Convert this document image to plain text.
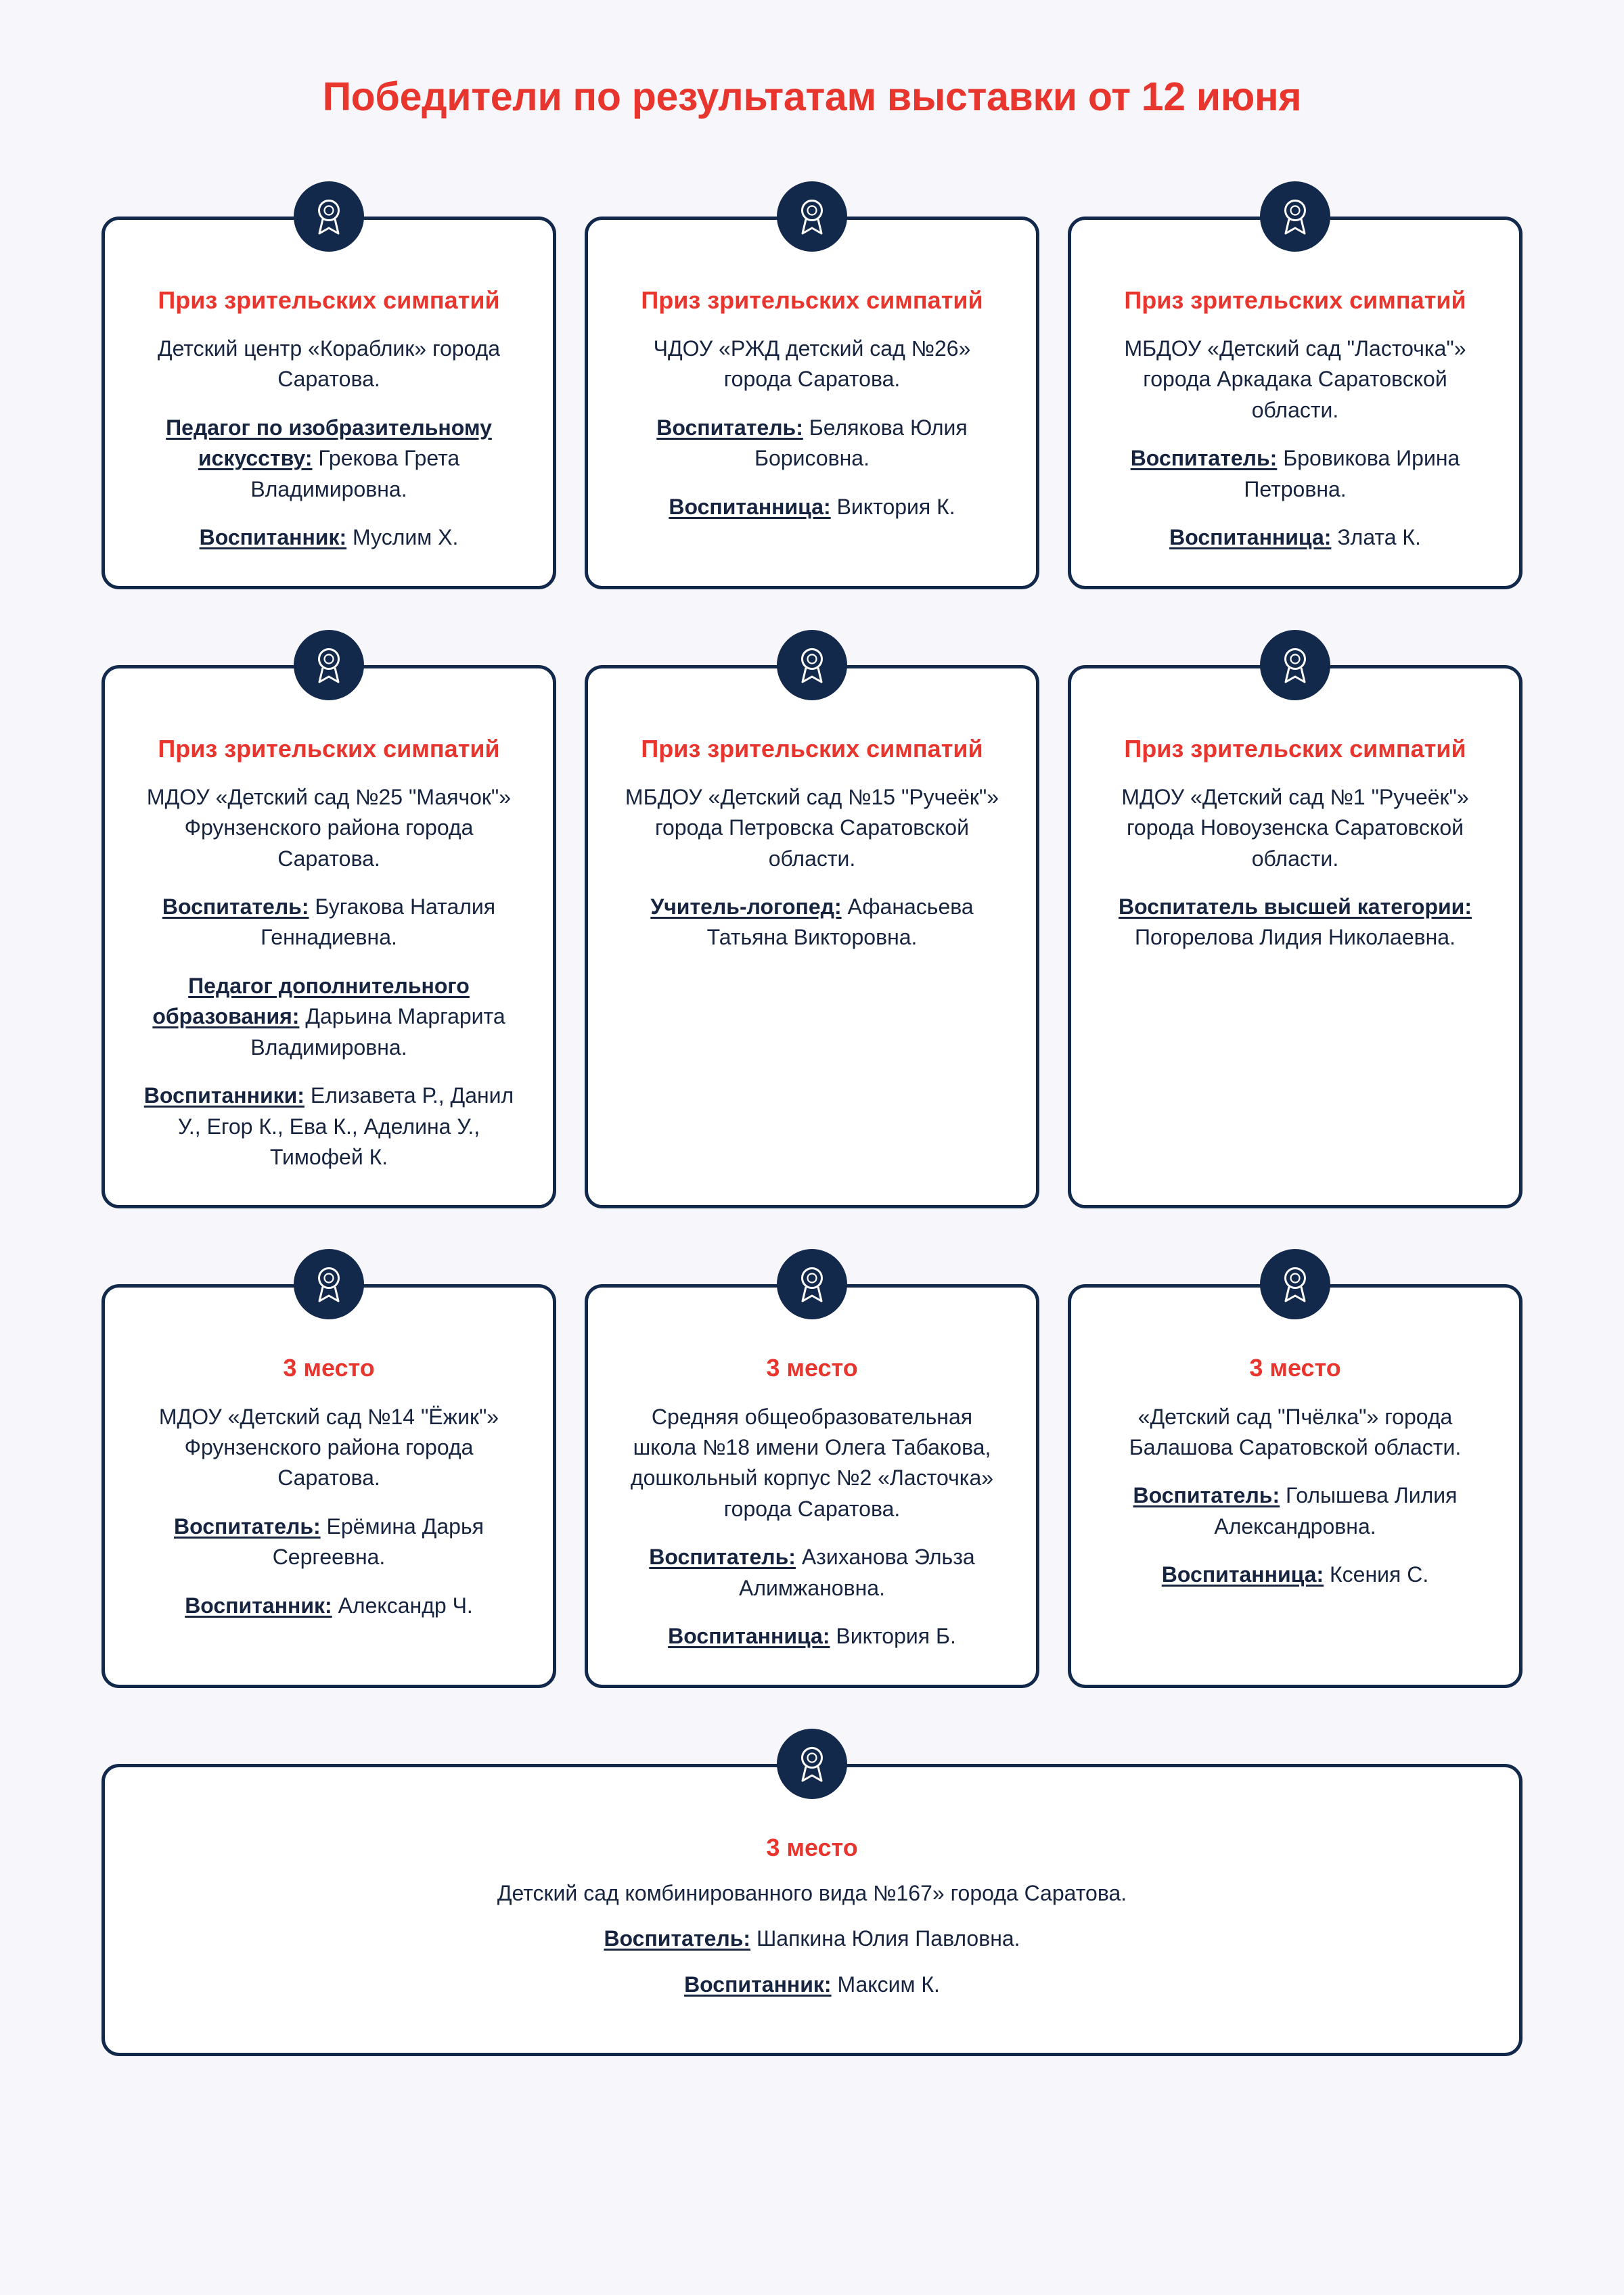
Победители по результатам выставки от 12 июня
Приз зрительских симпатий
Детский центр «Кораблик» города Саратова.
Педагог по изобразительному искусству: Грекова Грета Владимировна.
Воспитанник: Муслим Х.
Приз зрительских симпатий
ЧДОУ «РЖД детский сад №26» города Саратова.
Воспитатель: Белякова Юлия Борисовна.
Воспитанница: Виктория К.
Приз зрительских симпатий
МБДОУ «Детский сад "Ласточка"» города Аркадака Саратовской области.
Воспитатель: Бровикова Ирина Петровна.
Воспитанница: Злата К.
Приз зрительских симпатий
МДОУ «Детский сад №25 "Маячок"» Фрунзенского района города Саратова.
Воспитатель: Бугакова Наталия Геннадиевна.
Педагог дополнительного образования: Дарьина Маргарита Владимировна.
Воспитанники: Елизавета Р., Данил У., Егор К., Ева К., Аделина У., Тимофей К.
Приз зрительских симпатий
МБДОУ «Детский сад №15 "Ручеёк"» города Петровска Саратовской области.
Учитель-логопед: Афанасьева Татьяна Викторовна.
Приз зрительских симпатий
МДОУ «Детский сад №1 "Ручеёк"» города Новоузенска Саратовской области.
Воспитатель высшей категории: Погорелова Лидия Николаевна.
3 место
МДОУ «Детский сад №14 "Ёжик"» Фрунзенского района города Саратова.
Воспитатель: Ерёмина Дарья Сергеевна.
Воспитанник: Александр Ч.
3 место
Средняя общеобразовательная школа №18 имени Олега Табакова, дошкольный корпус №2 «Ласточка» города Саратова.
Воспитатель: Азиханова Эльза Алимжановна.
Воспитанница: Виктория Б.
3 место
«Детский сад "Пчёлка"» города Балашова Саратовской области.
Воспитатель: Голышева Лилия Александровна.
Воспитанница: Ксения С.
3 место
Детский сад комбинированного вида №167» города Саратова.
Воспитатель: Шапкина Юлия Павловна.
Воспитанник: Максим К.
